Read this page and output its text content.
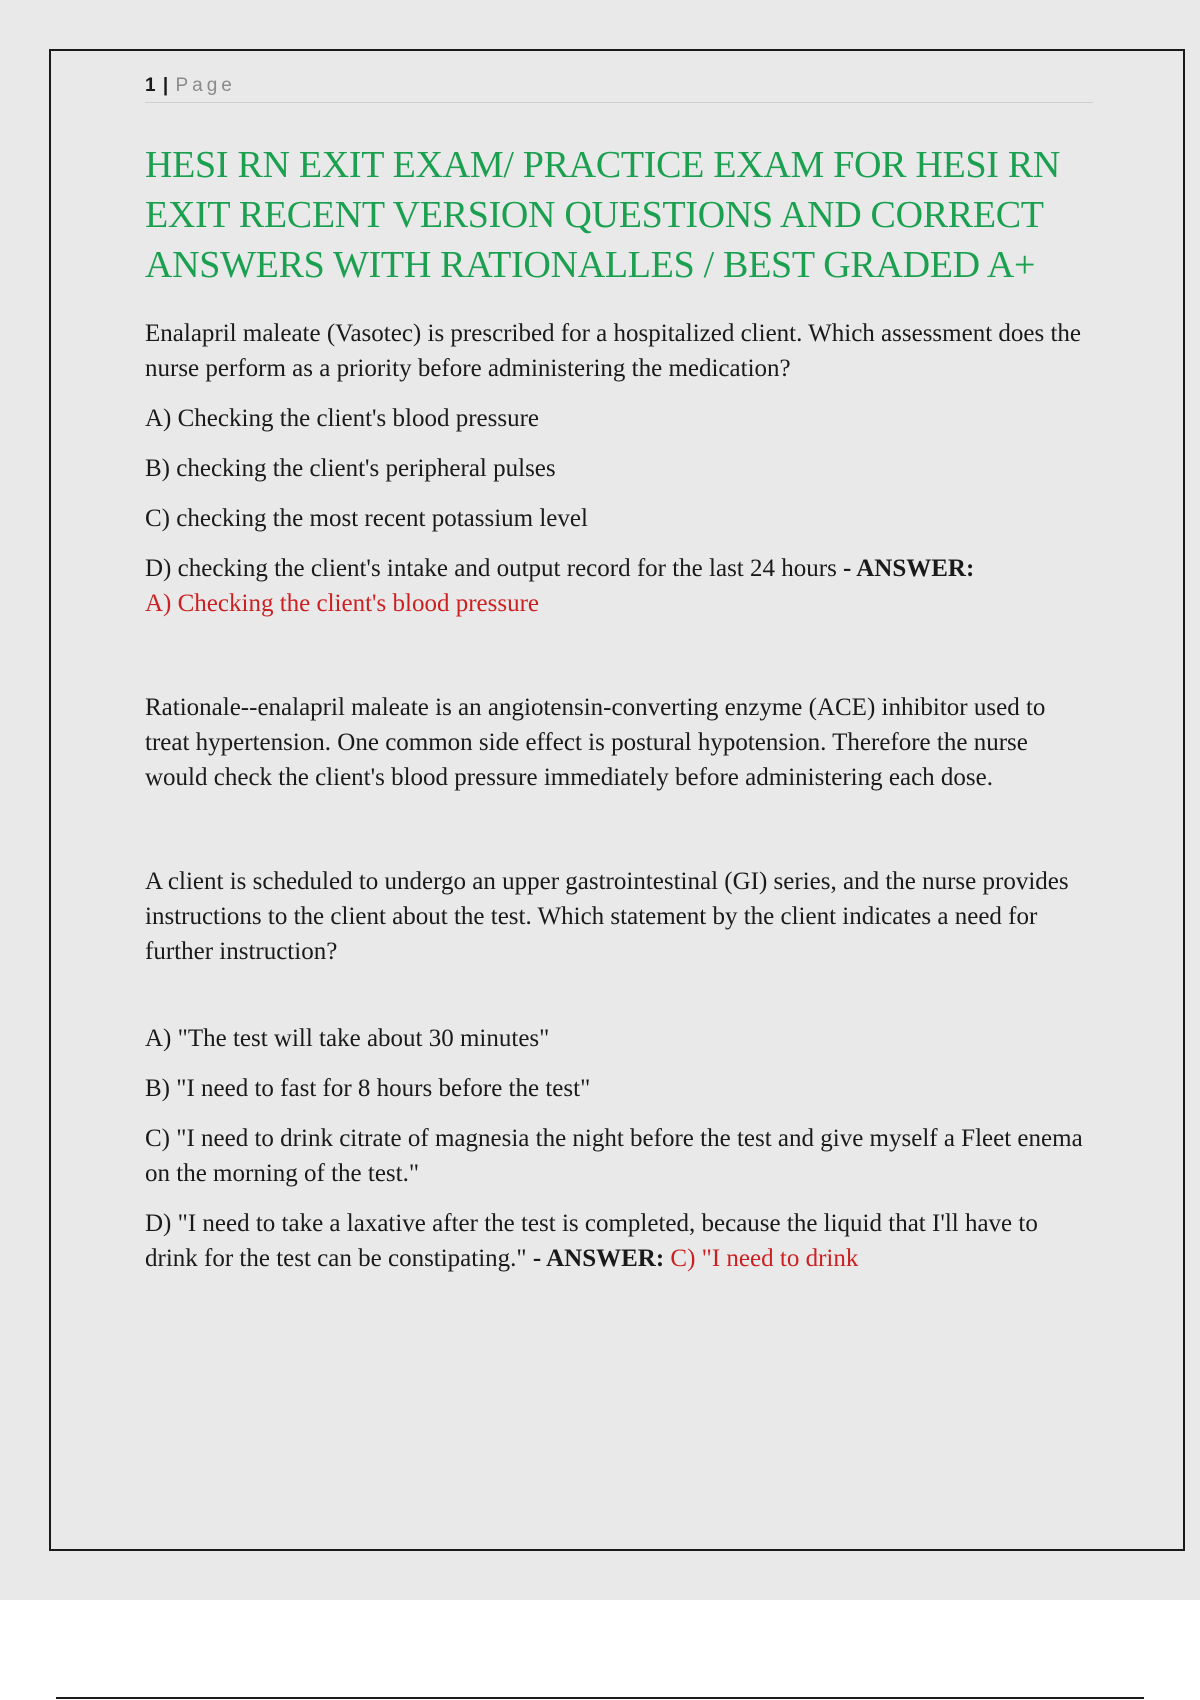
1 | Page
HESI RN EXIT EXAM/ PRACTICE EXAM FOR HESI RN EXIT RECENT VERSION QUESTIONS AND CORRECT ANSWERS WITH RATIONALLES / BEST GRADED A+

Enalapril maleate (Vasotec) is prescribed for a hospitalized client. Which assessment does the nurse perform as a priority before administering the medication?

A) Checking the client's blood pressure

B) checking the client's peripheral pulses

C) checking the most recent potassium level

D) checking the client's intake and output record for the last 24 hours - ANSWER:
A) Checking the client's blood pressure

Rationale--enalapril maleate is an angiotensin-converting enzyme (ACE) inhibitor used to treat hypertension. One common side effect is postural hypotension. Therefore the nurse would check the client's blood pressure immediately before administering each dose.

A client is scheduled to undergo an upper gastrointestinal (GI) series, and the nurse provides instructions to the client about the test. Which statement by the client indicates a need for further instruction?

A) "The test will take about 30 minutes"

B) "I need to fast for 8 hours before the test"

C) "I need to drink citrate of magnesia the night before the test and give myself a Fleet enema on the morning of the test."

D) "I need to take a laxative after the test is completed, because the liquid that I'll have to drink for the test can be constipating." - ANSWER: C) "I need to drink
